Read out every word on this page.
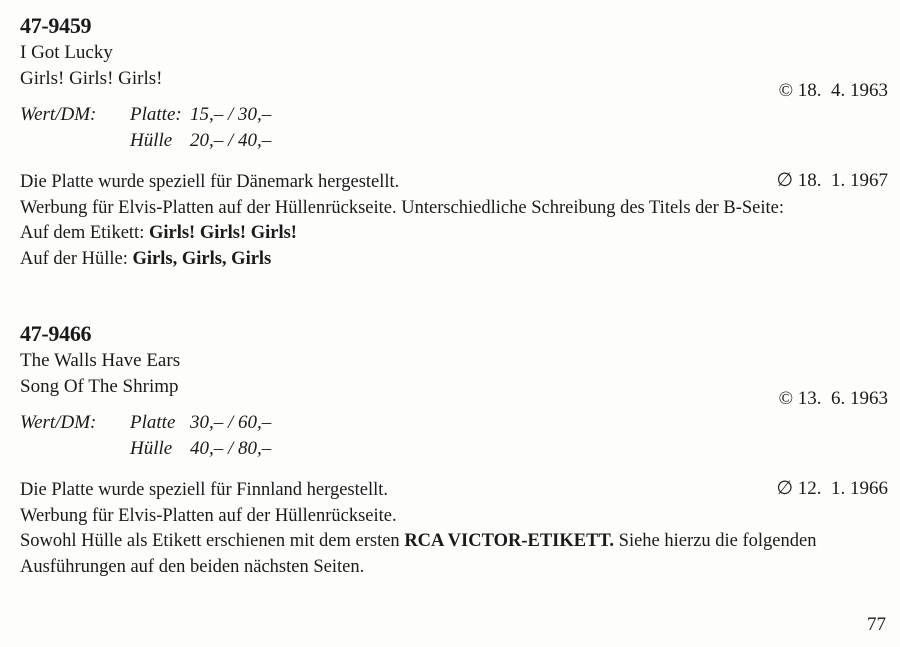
© 18.  4. 1963

∅ 18.  1. 1967

47-9459

I Got Lucky

Girls! Girls! Girls!

Wert/DM:	Platte: 15,– / 30,–
Hülle 20,– / 40,–

Die Platte wurde speziell für Dänemark hergestellt.

Werbung für Elvis-Platten auf der Hüllenrückseite. Unterschiedliche Schreibung des Titels der B-Seite:

Auf dem Etikett: Girls! Girls! Girls!

Auf der Hülle: Girls, Girls, Girls

© 13.  6. 1963

∅ 12.  1. 1966

47-9466

The Walls Have Ears

Song Of The Shrimp

Wert/DM:	Platte 30,– / 60,–
Hülle 40,– / 80,–

Die Platte wurde speziell für Finnland hergestellt.

Werbung für Elvis-Platten auf der Hüllenrückseite.

Sowohl Hülle als Etikett erschienen mit dem ersten RCA VICTOR-ETIKETT. Siehe hierzu die folgenden Ausführungen auf den beiden nächsten Seiten.

77
